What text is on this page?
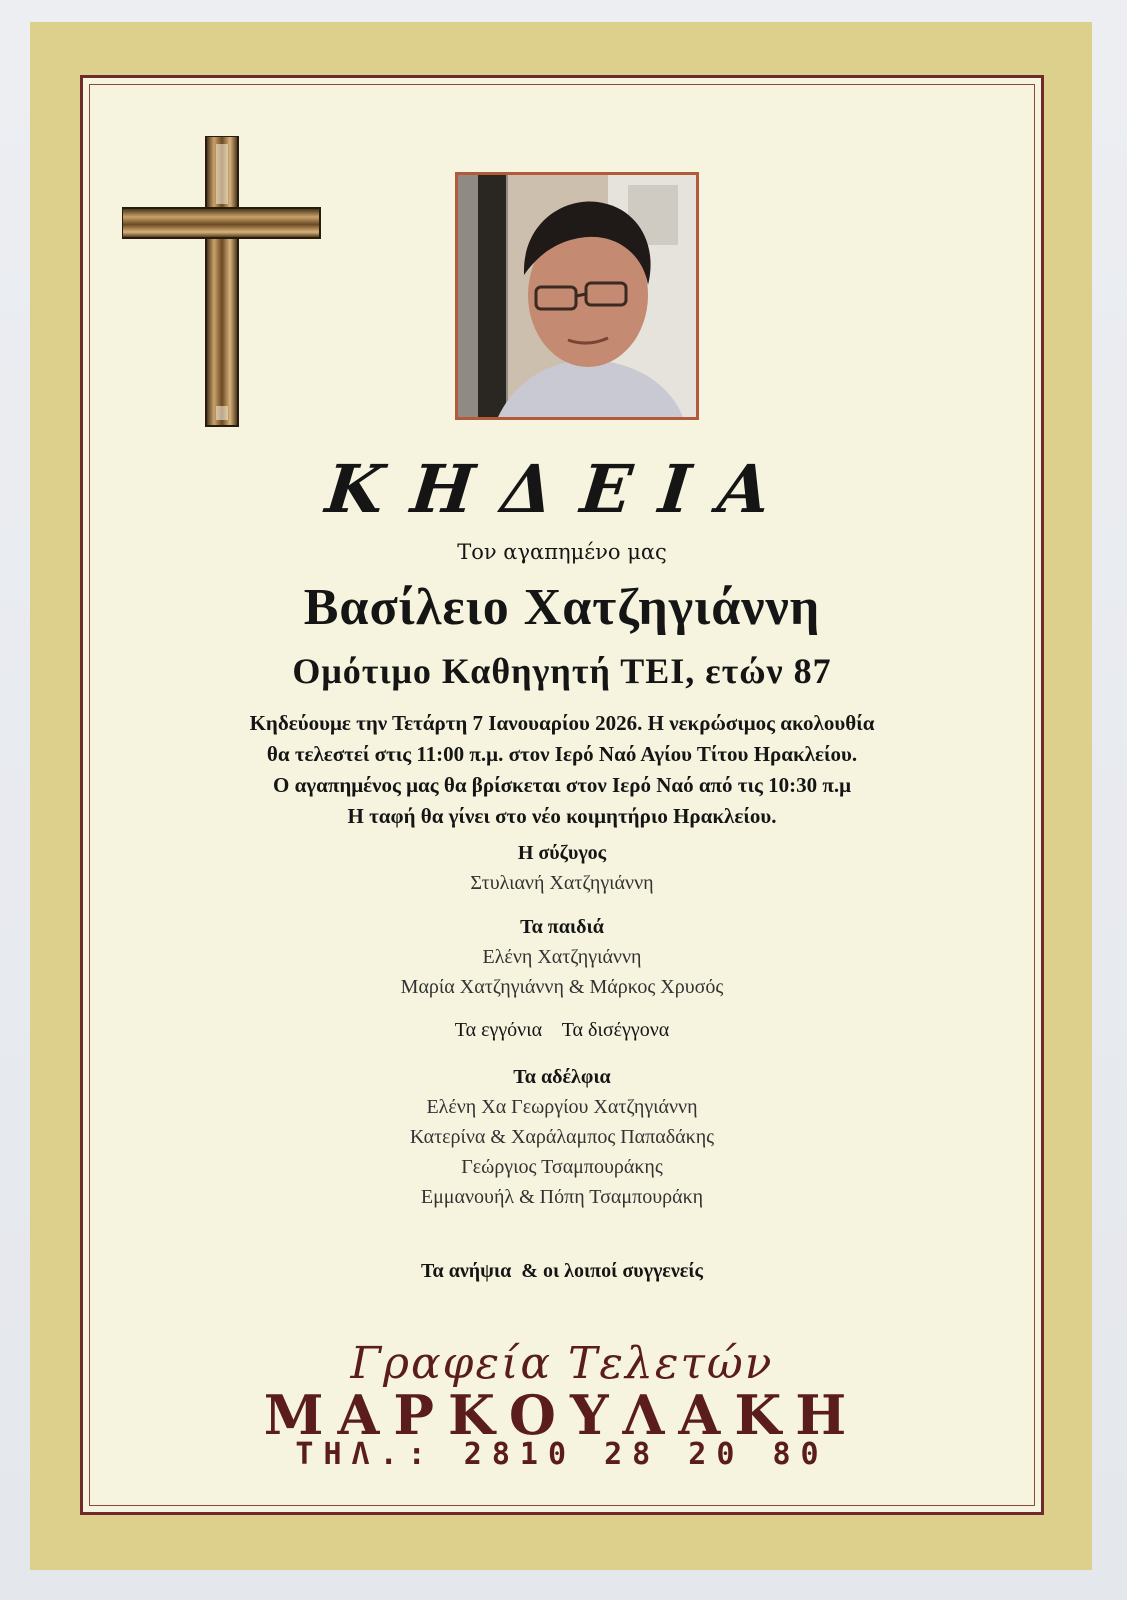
ΚΗΔΕΙΑ
Τον αγαπημένο μας
Βασίλειο Χατζηγιάννη
Ομότιμο Καθηγητή ΤΕΙ, ετών 87
Κηδεύουμε την Τετάρτη 7 Ιανουαρίου 2026. Η νεκρώσιμος ακολουθία
θα τελεστεί στις 11:00 π.μ. στον Ιερό Ναό Αγίου Τίτου Ηρακλείου.
Ο αγαπημένος μας θα βρίσκεται στον Ιερό Ναό από τις 10:30 π.μ
Η ταφή θα γίνει στο νέο κοιμητήριο Ηρακλείου.
Η σύζυγος
Στυλιανή Χατζηγιάννη
Τα παιδιά
Ελένη Χατζηγιάννη
Μαρία Χατζηγιάννη & Μάρκος Χρυσός
Τα εγγόνια    Τα δισέγγονα
Τα αδέλφια
Ελένη Χα Γεωργίου Χατζηγιάννη
Κατερίνα & Χαράλαμπος Παπαδάκης
Γεώργιος Τσαμπουράκης
Εμμανουήλ & Πόπη Τσαμπουράκη
Τα ανήψια  & οι λοιποί συγγενείς
Γραφεία Τελετών
ΜΑΡΚΟΥΛΑΚΗ
ΤΗΛ.: 2810 28 20 80
